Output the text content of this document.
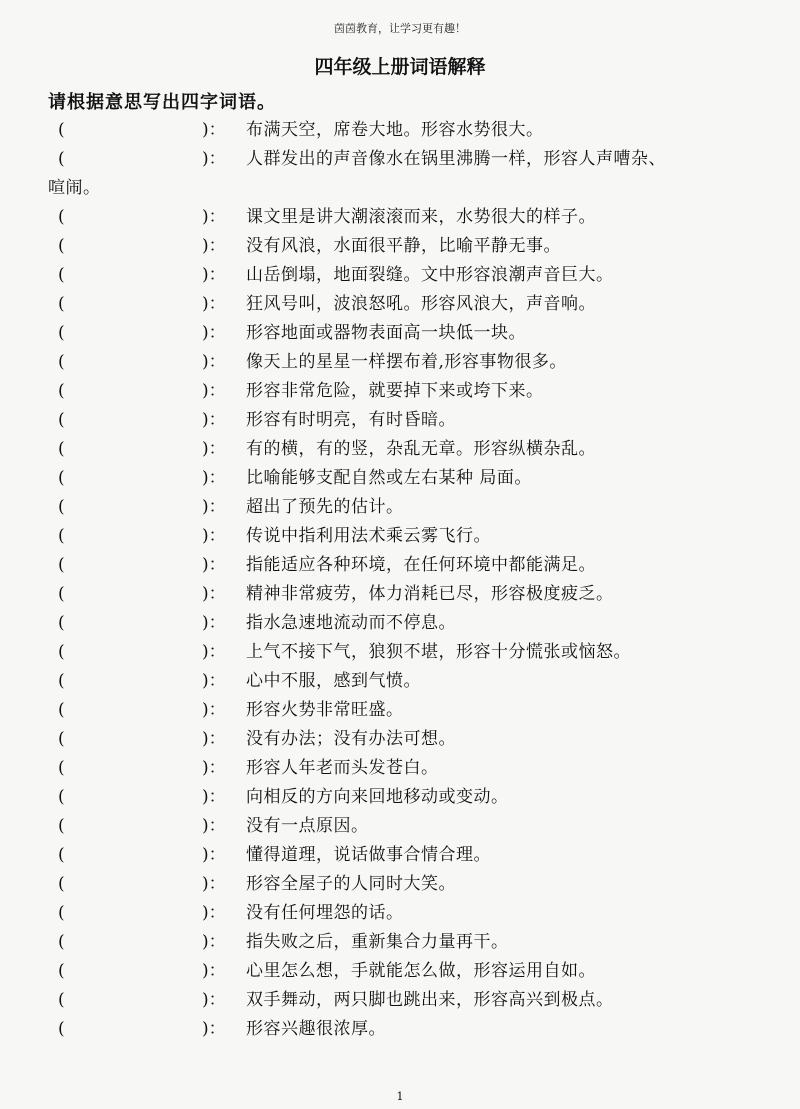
茵茵教育，让学习更有趣！
四年级上册词语解释
请根据意思写出四字词语。
(	)： 布满天空，席卷大地。形容水势很大。
(	)： 人群发出的声音像水在锅里沸腾一样，形容人声嘈杂、
喧闹。
(	)： 课文里是讲大潮滚滚而来，水势很大的样子。
(	)： 没有风浪，水面很平静，比喻平静无事。
(	)： 山岳倒塌，地面裂缝。文中形容浪潮声音巨大。
(	)： 狂风号叫，波浪怒吼。形容风浪大，声音响。
(	)： 形容地面或器物表面高一块低一块。
(	)： 像天上的星星一样摆布着,形容事物很多。
(	)： 形容非常危险，就要掉下来或垮下来。
(	)： 形容有时明亮，有时昏暗。
(	)： 有的横，有的竖，杂乱无章。形容纵横杂乱。
(	)： 比喻能够支配自然或左右某种 局面。
(	)： 超出了预先的估计。
(	)： 传说中指利用法术乘云雾飞行。
(	)： 指能适应各种环境，在任何环境中都能满足。
(	)： 精神非常疲劳，体力消耗已尽，形容极度疲乏。
(	)： 指水急速地流动而不停息。
(	)： 上气不接下气，狼狈不堪，形容十分慌张或恼怒。
(	)： 心中不服，感到气愤。
(	)： 形容火势非常旺盛。
(	)： 没有办法；没有办法可想。
(	)： 形容人年老而头发苍白。
(	)： 向相反的方向来回地移动或变动。
(	)： 没有一点原因。
(	)： 懂得道理，说话做事合情合理。
(	)： 形容全屋子的人同时大笑。
(	)： 没有任何埋怨的话。
(	)： 指失败之后，重新集合力量再干。
(	)： 心里怎么想，手就能怎么做，形容运用自如。
(	)： 双手舞动，两只脚也跳出来，形容高兴到极点。
(	)： 形容兴趣很浓厚。
1
